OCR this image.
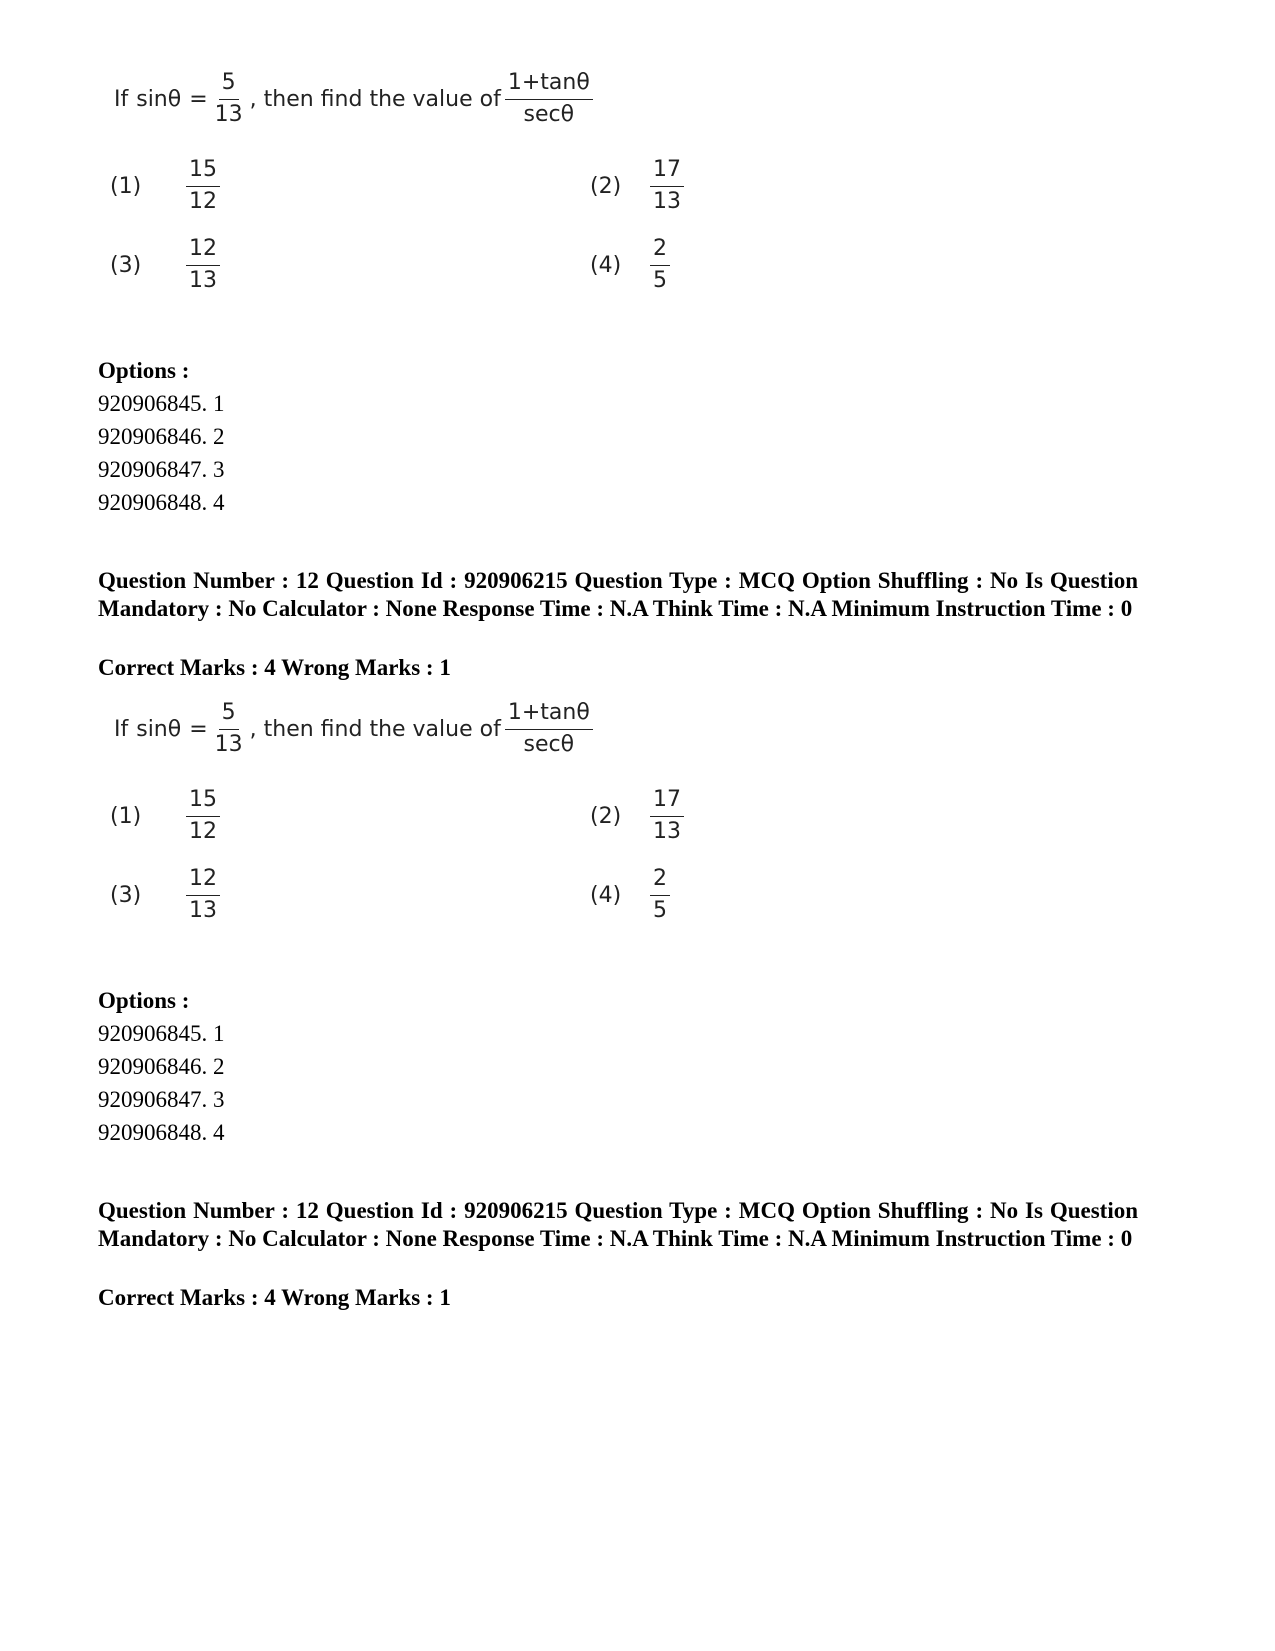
If $\sin\theta = \frac{5}{13}$ , then find the value of $\frac{1+\tan\theta}{\sec\theta}$
(1)	$\frac{15}{12}$	(2)	$\frac{17}{13}$
(3)	$\frac{12}{13}$	(4)	$\frac{2}{5}$
Options :
920906845. 1
920906846. 2
920906847. 3
920906848. 4
Question Number : 12 Question Id : 920906215 Question Type : MCQ Option Shuffling : No Is Question Mandatory : No Calculator : None Response Time : N.A Think Time : N.A Minimum Instruction Time : 0
Correct Marks : 4 Wrong Marks : 1
If $\sin\theta = \frac{5}{13}$ , then find the value of $\frac{1+\tan\theta}{\sec\theta}$
(1)	$\frac{15}{12}$	(2)	$\frac{17}{13}$
(3)	$\frac{12}{13}$	(4)	$\frac{2}{5}$
Options :
920906845. 1
920906846. 2
920906847. 3
920906848. 4
Question Number : 12 Question Id : 920906215 Question Type : MCQ Option Shuffling : No Is Question Mandatory : No Calculator : None Response Time : N.A Think Time : N.A Minimum Instruction Time : 0
Correct Marks : 4 Wrong Marks : 1
